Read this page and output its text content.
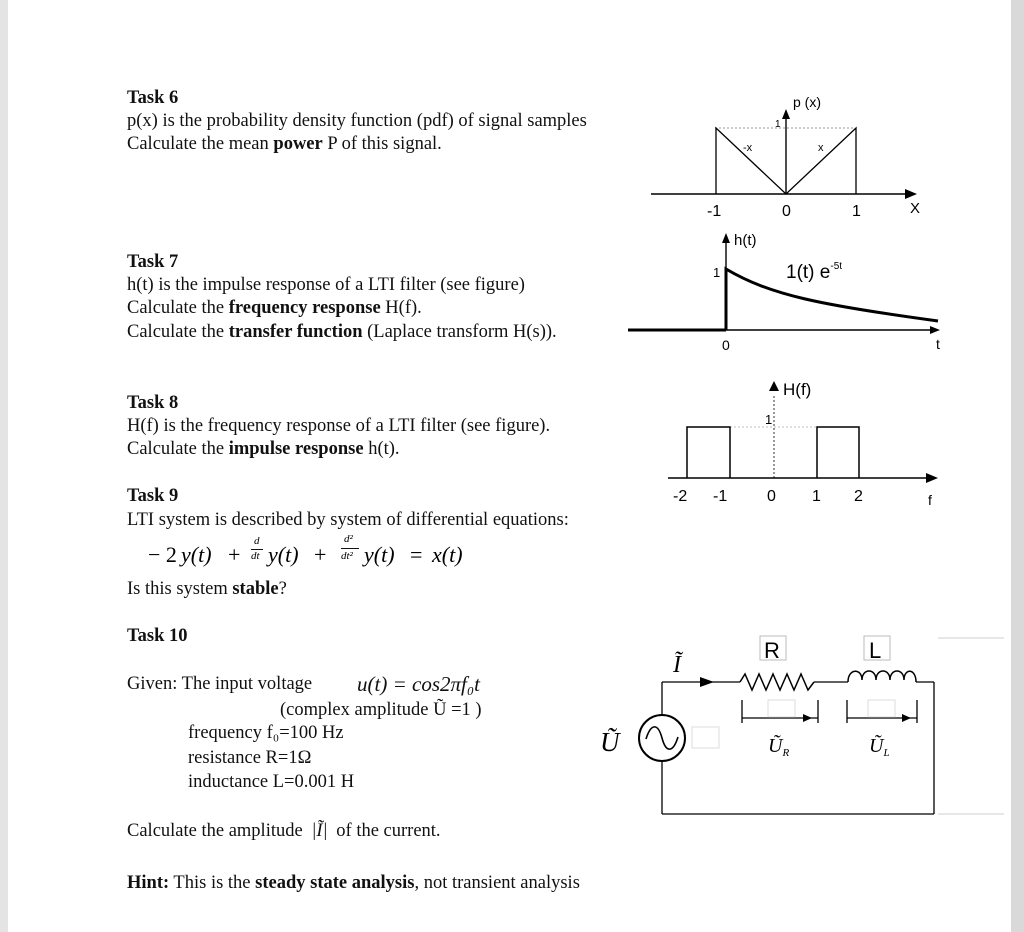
Task 6
p(x) is the probability density function (pdf) of signal samples
Calculate the mean power P of this signal.
p (x)
1
-x	x
-1	0	1	X
Task 7
h(t) is the impulse response of a LTI filter (see figure)
Calculate the frequency response H(f).
Calculate the transfer function (Laplace transform H(s)).
h(t)
1	1(t) $e^{-5t}$
0	t
Task 8
H(f) is the frequency response of a LTI filter (see figure).
Calculate the impulse response h(t).
H(f)
1
-2 -1 0 1 2	f
Task 9
LTI system is described by system of differential equations:
− 2 y(t) +
d
dt y(t) +
d²
dt² y(t) = x(t)
Is this system stable?
Task 10
Given: The input voltage u(t) = cos2πf₀t
(complex amplitude Ũ =1 )
frequency f₀=100 Hz
resistance R=1Ω
inductance L=0.001 H
Calculate the amplitude |Ĩ| of the current.
Hint: This is the steady state analysis, not transient analysis
R	L
Ĩ
Ũ	$Ũ_R$	$Ũ_L$
